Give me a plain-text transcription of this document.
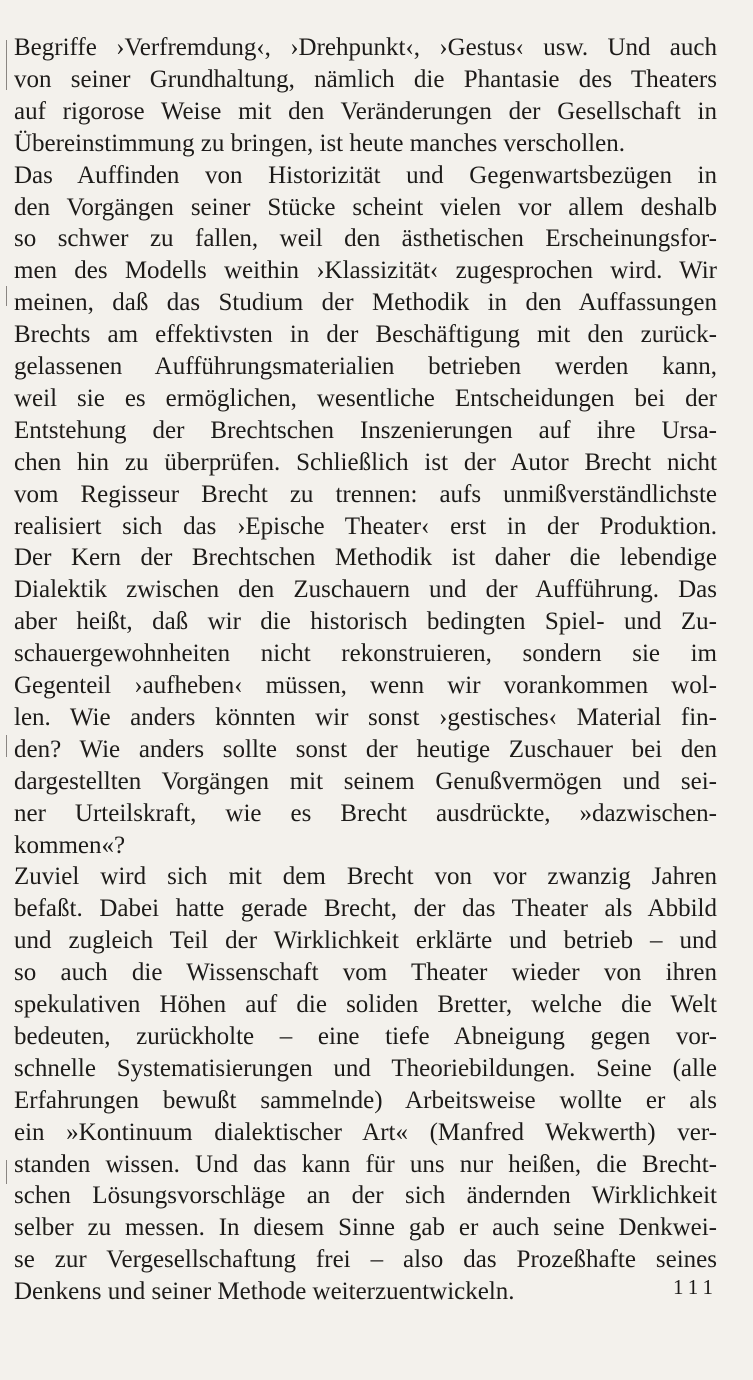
Begriffe ›Verfremdung‹, ›Drehpunkt‹, ›Gestus‹ usw. Und auch

von seiner Grundhaltung, nämlich die Phantasie des Theaters

auf rigorose Weise mit den Veränderungen der Gesellschaft in

Übereinstimmung zu bringen, ist heute manches verschollen.

Das Auffinden von Historizität und Gegenwartsbezügen in

den Vorgängen seiner Stücke scheint vielen vor allem deshalb

so schwer zu fallen, weil den ästhetischen Erscheinungsfor-

men des Modells weithin ›Klassizität‹ zugesprochen wird. Wir

meinen, daß das Studium der Methodik in den Auffassungen

Brechts am effektivsten in der Beschäftigung mit den zurück-

gelassenen Aufführungsmaterialien betrieben werden kann,

weil sie es ermöglichen, wesentliche Entscheidungen bei der

Entstehung der Brechtschen Inszenierungen auf ihre Ursa-

chen hin zu überprüfen. Schließlich ist der Autor Brecht nicht

vom Regisseur Brecht zu trennen: aufs unmißverständlichste

realisiert sich das ›Epische Theater‹ erst in der Produktion.

Der Kern der Brechtschen Methodik ist daher die lebendige

Dialektik zwischen den Zuschauern und der Aufführung. Das

aber heißt, daß wir die historisch bedingten Spiel- und Zu-

schauergewohnheiten nicht rekonstruieren, sondern sie im

Gegenteil ›aufheben‹ müssen, wenn wir vorankommen wol-

len. Wie anders könnten wir sonst ›gestisches‹ Material fin-

den? Wie anders sollte sonst der heutige Zuschauer bei den

dargestellten Vorgängen mit seinem Genußvermögen und sei-

ner Urteilskraft, wie es Brecht ausdrückte, »dazwischen-

kommen«?

Zuviel wird sich mit dem Brecht von vor zwanzig Jahren

befaßt. Dabei hatte gerade Brecht, der das Theater als Abbild

und zugleich Teil der Wirklichkeit erklärte und betrieb – und

so auch die Wissenschaft vom Theater wieder von ihren

spekulativen Höhen auf die soliden Bretter, welche die Welt

bedeuten, zurückholte – eine tiefe Abneigung gegen vor-

schnelle Systematisierungen und Theoriebildungen. Seine (alle

Erfahrungen bewußt sammelnde) Arbeitsweise wollte er als

ein »Kontinuum dialektischer Art« (Manfred Wekwerth) ver-

standen wissen. Und das kann für uns nur heißen, die Brecht-

schen Lösungsvorschläge an der sich ändernden Wirklichkeit

selber zu messen. In diesem Sinne gab er auch seine Denkwei-

se zur Vergesellschaftung frei – also das Prozeßhafte seines

Denkens und seiner Methode weiterzuentwickeln.	111
